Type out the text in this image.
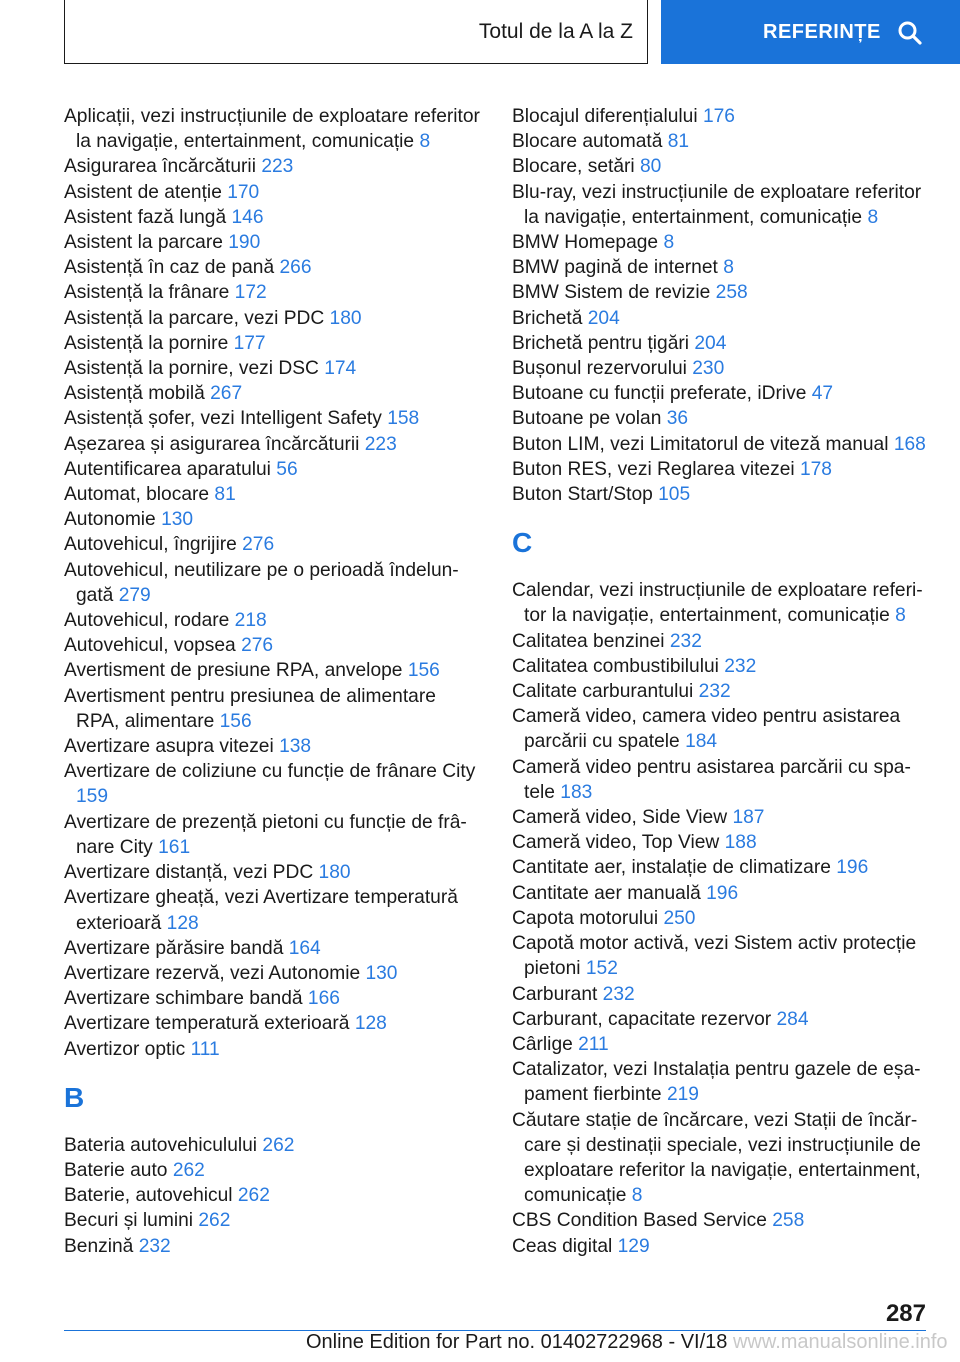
Totul de la A la Z	REFERINȚE
Aplicații, vezi instrucțiunile de exploatare referitor la navigație, entertainment, comunicație 8
Asigurarea încărcăturii 223
Asistent de atenție 170
Asistent fază lungă 146
Asistent la parcare 190
Asistență în caz de pană 266
Asistență la frânare 172
Asistență la parcare, vezi PDC 180
Asistență la pornire 177
Asistență la pornire, vezi DSC 174
Asistență mobilă 267
Asistență șofer, vezi Intelligent Safety 158
Așezarea și asigurarea încărcăturii 223
Autentificarea aparatului 56
Automat, blocare 81
Autonomie 130
Autovehicul, îngrijire 276
Autovehicul, neutilizare pe o perioadă îndelun‐ gată 279
Autovehicul, rodare 218
Autovehicul, vopsea 276
Avertisment de presiune RPA, anvelope 156
Avertisment pentru presiunea de alimentare RPA, alimentare 156
Avertizare asupra vitezei 138
Avertizare de coliziune cu funcție de frânare City 159
Avertizare de prezență pietoni cu funcție de frâ‐ nare City 161
Avertizare distanță, vezi PDC 180
Avertizare gheață, vezi Avertizare temperatură exterioară 128
Avertizare părăsire bandă 164
Avertizare rezervă, vezi Autonomie 130
Avertizare schimbare bandă 166
Avertizare temperatură exterioară 128
Avertizor optic 111
B
Bateria autovehiculului 262
Baterie auto 262
Baterie, autovehicul 262
Becuri și lumini 262
Benzină 232
Blocajul diferențialului 176
Blocare automată 81
Blocare, setări 80
Blu-ray, vezi instrucțiunile de exploatare referitor la navigație, entertainment, comunicație 8
BMW Homepage 8
BMW pagină de internet 8
BMW Sistem de revizie 258
Brichetă 204
Brichetă pentru țigări 204
Bușonul rezervorului 230
Butoane cu funcții preferate, iDrive 47
Butoane pe volan 36
Buton LIM, vezi Limitatorul de viteză manual 168
Buton RES, vezi Reglarea vitezei 178
Buton Start/Stop 105
C
Calendar, vezi instrucțiunile de exploatare referi‐ tor la navigație, entertainment, comunicație 8
Calitatea benzinei 232
Calitatea combustibilului 232
Calitate carburantului 232
Cameră video, camera video pentru asistarea parcării cu spatele 184
Cameră video pentru asistarea parcării cu spa‐ tele 183
Cameră video, Side View 187
Cameră video, Top View 188
Cantitate aer, instalație de climatizare 196
Cantitate aer manuală 196
Capota motorului 250
Capotă motor activă, vezi Sistem activ protecție pietoni 152
Carburant 232
Carburant, capacitate rezervor 284
Cârlige 211
Catalizator, vezi Instalația pentru gazele de eșa‐ pament fierbinte 219
Căutare stație de încărcare, vezi Stații de încăr‐ care și destinații speciale, vezi instrucțiunile de exploatare referitor la navigație, entertainment, comunicație 8
CBS Condition Based Service 258
Ceas digital 129
287
Online Edition for Part no. 01402722968 - VI/18 www.manualsonline.info
